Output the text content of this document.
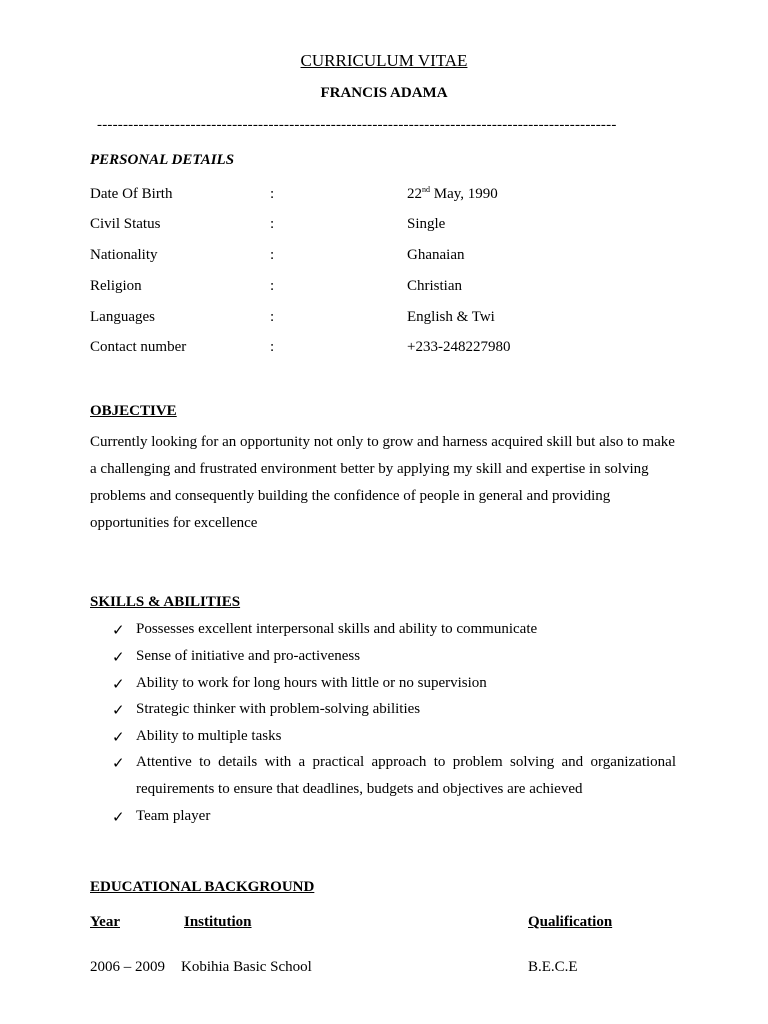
CURRICULUM VITAE
FRANCIS ADAMA
----------------------------------------------------------------------------------------------------
PERSONAL DETAILS
Date Of Birth	:	22nd May, 1990
Civil Status	:	Single
Nationality	:	Ghanaian
Religion	:	Christian
Languages	:	English & Twi
Contact number	:	+233-248227980
OBJECTIVE
Currently looking for an opportunity not only to grow and harness acquired skill but also to make a challenging and frustrated environment better by applying my skill and expertise in solving problems and consequently building the confidence of people in general and providing opportunities for excellence
SKILLS & ABILITIES
✓ Possesses excellent interpersonal skills and ability to communicate
✓ Sense of initiative and pro-activeness
✓ Ability to work for long hours with little or no supervision
✓ Strategic thinker with problem-solving abilities
✓ Ability to multiple tasks
✓ Attentive to details with a practical approach to problem solving and organizational requirements to ensure that deadlines, budgets and objectives are achieved
✓ Team player
EDUCATIONAL BACKGROUND
Year	Institution	Qualification
2006 – 2009 Kobihia Basic School	B.E.C.E
